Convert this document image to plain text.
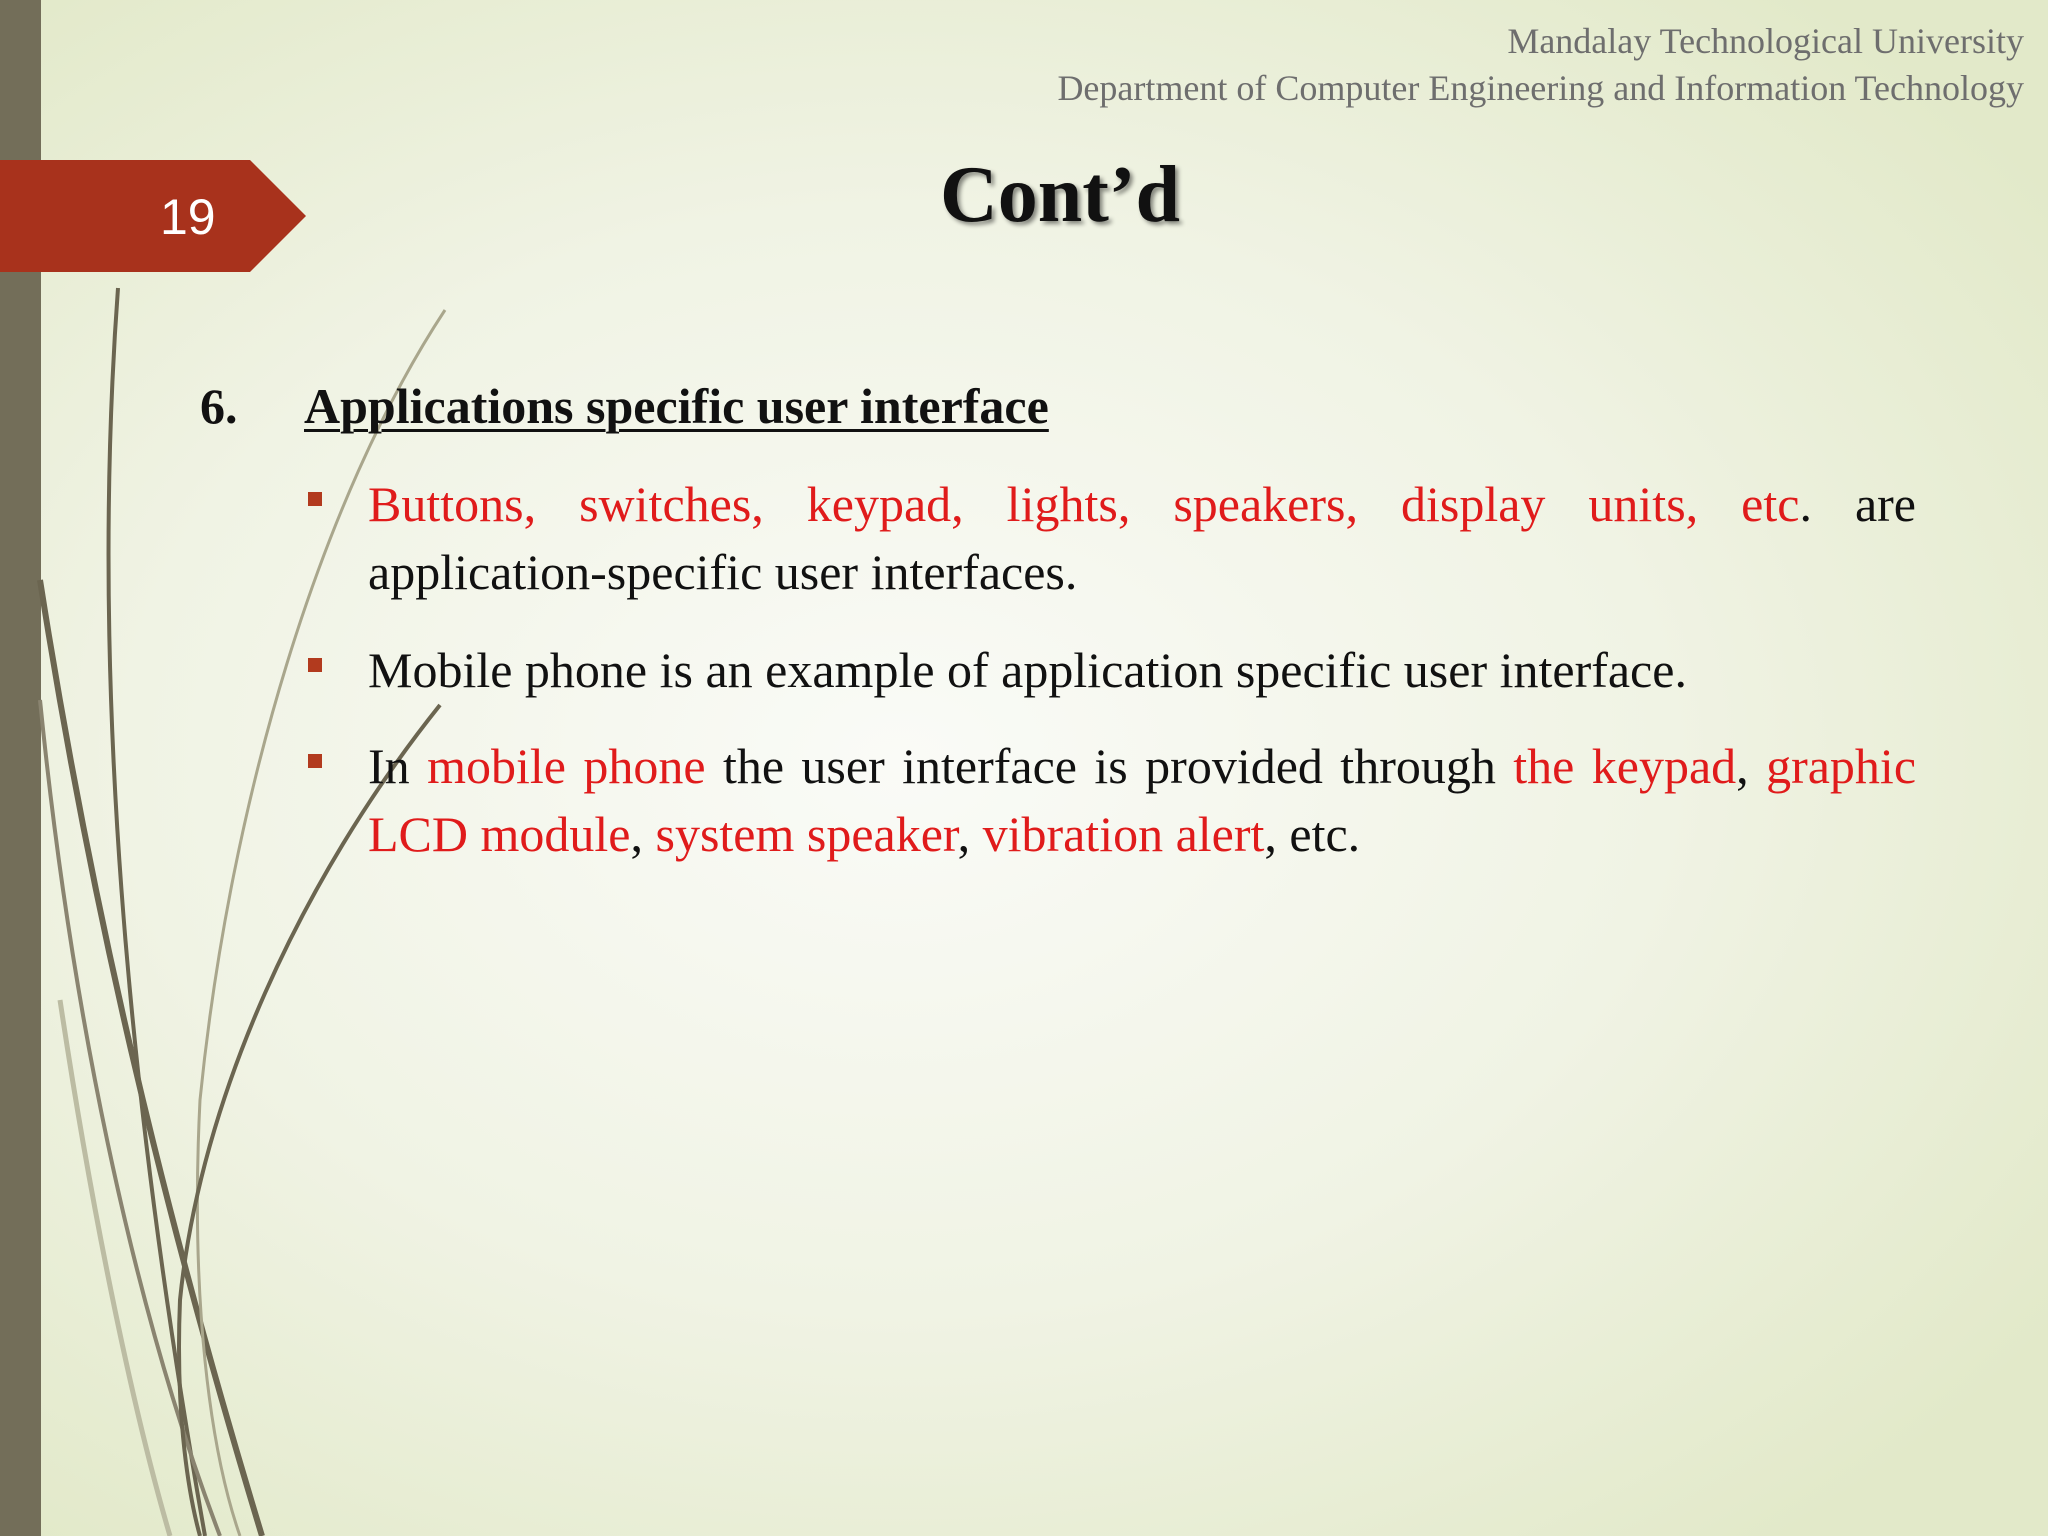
Mandalay Technological University
Department of Computer Engineering and Information Technology
19	Cont’d
6. Applications specific user interface
Buttons, switches, keypad, lights, speakers, display units, etc. are application-specific user interfaces.
Mobile phone is an example of application specific user interface.
In mobile phone the user interface is provided through the keypad, graphic LCD module, system speaker, vibration alert, etc.
